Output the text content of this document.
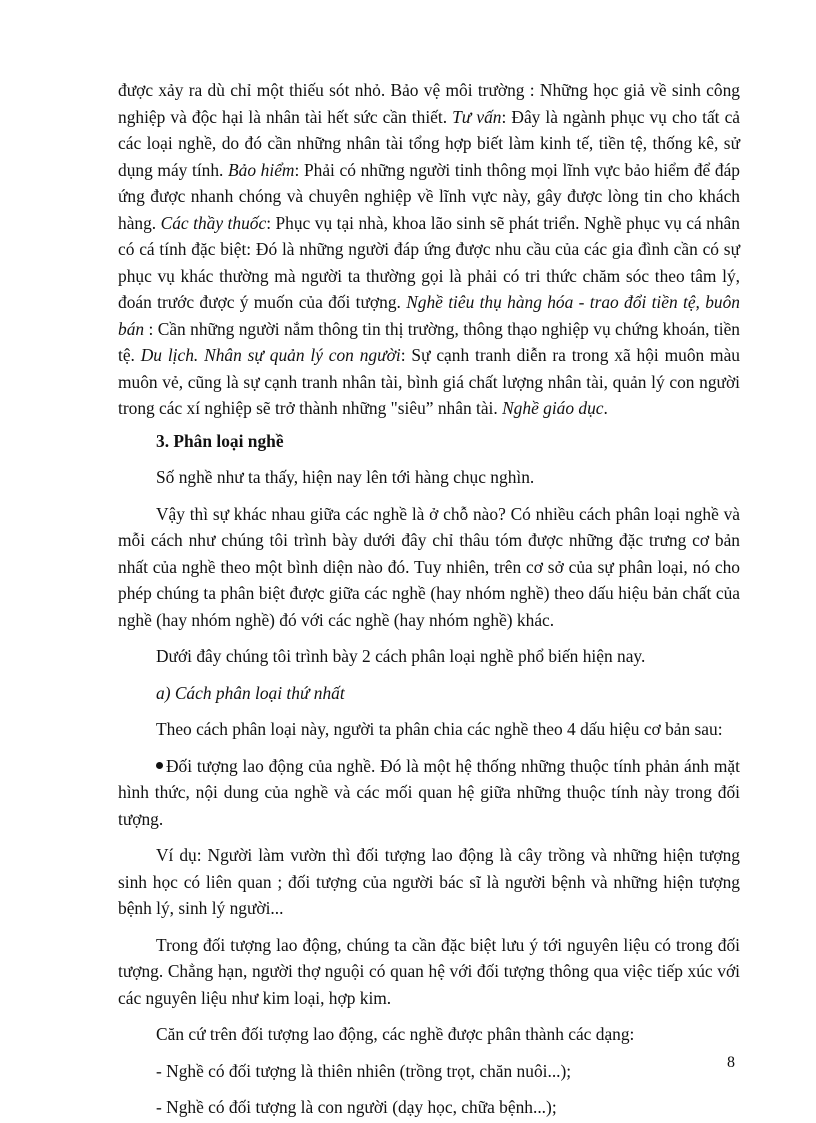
được xảy ra dù chỉ một thiếu sót nhỏ. Bảo vệ môi trường : Những học giả về sinh công nghiệp và độc hại là nhân tài hết sức cần thiết. Tư vấn: Đây là ngành phục vụ cho tất cả các loại nghề, do đó cần những nhân tài tổng hợp biết làm kinh tế, tiền tệ, thống kê, sử dụng máy tính. Bảo hiểm: Phải có những người tinh thông mọi lĩnh vực bảo hiểm để đáp ứng được nhanh chóng và chuyên nghiệp về lĩnh vực này, gây được lòng tin cho khách hàng. Các thầy thuốc: Phục vụ tại nhà, khoa lão sinh sẽ phát triển. Nghề phục vụ cá nhân có cá tính đặc biệt: Đó là những người đáp ứng được nhu cầu của các gia đình cần có sự phục vụ khác thường mà người ta thường gọi là phải có tri thức chăm sóc theo tâm lý, đoán trước được ý muốn của đối tượng. Nghề tiêu thụ hàng hóa - trao đổi tiền tệ, buôn bán : Cần những người nắm thông tin thị trường, thông thạo nghiệp vụ chứng khoán, tiền tệ. Du lịch. Nhân sự quản lý con người: Sự cạnh tranh diễn ra trong xã hội muôn màu muôn vẻ, cũng là sự cạnh tranh nhân tài, bình giá chất lượng nhân tài, quản lý con người trong các xí nghiệp sẽ trở thành những "siêu” nhân tài. Nghề giáo dục.

3. Phân loại nghề

Số nghề như ta thấy, hiện nay lên tới hàng chục nghìn.

Vậy thì sự khác nhau giữa các nghề là ở chỗ nào? Có nhiều cách phân loại nghề và mỗi cách như chúng tôi trình bày dưới đây chỉ thâu tóm được những đặc trưng cơ bản nhất của nghề theo một bình diện nào đó. Tuy nhiên, trên cơ sở của sự phân loại, nó cho phép chúng ta phân biệt được giữa các nghề (hay nhóm nghề) theo dấu hiệu bản chất của nghề (hay nhóm nghề) đó với các nghề (hay nhóm nghề) khác.

Dưới đây chúng tôi trình bày 2 cách phân loại nghề phổ biến hiện nay.

a) Cách phân loại thứ nhất

Theo cách phân loại này, người ta phân chia các nghề theo 4 dấu hiệu cơ bản sau:

Đối tượng lao động của nghề. Đó là một hệ thống những thuộc tính phản ánh mặt hình thức, nội dung của nghề và các mối quan hệ giữa những thuộc tính này trong đối tượng.

Ví dụ: Người làm vườn thì đối tượng lao động là cây trồng và những hiện tượng sinh học có liên quan ; đối tượng của người bác sĩ là người bệnh và những hiện tượng bệnh lý, sinh lý người...

Trong đối tượng lao động, chúng ta cần đặc biệt lưu ý tới nguyên liệu có trong đối tượng. Chẳng hạn, người thợ nguội có quan hệ với đối tượng thông qua việc tiếp xúc với các nguyên liệu như kim loại, hợp kim.

Căn cứ trên đối tượng lao động, các nghề được phân thành các dạng:

- Nghề có đối tượng là thiên nhiên (trồng trọt, chăn nuôi...);

- Nghề có đối tượng là con người (dạy học, chữa bệnh...);

8
